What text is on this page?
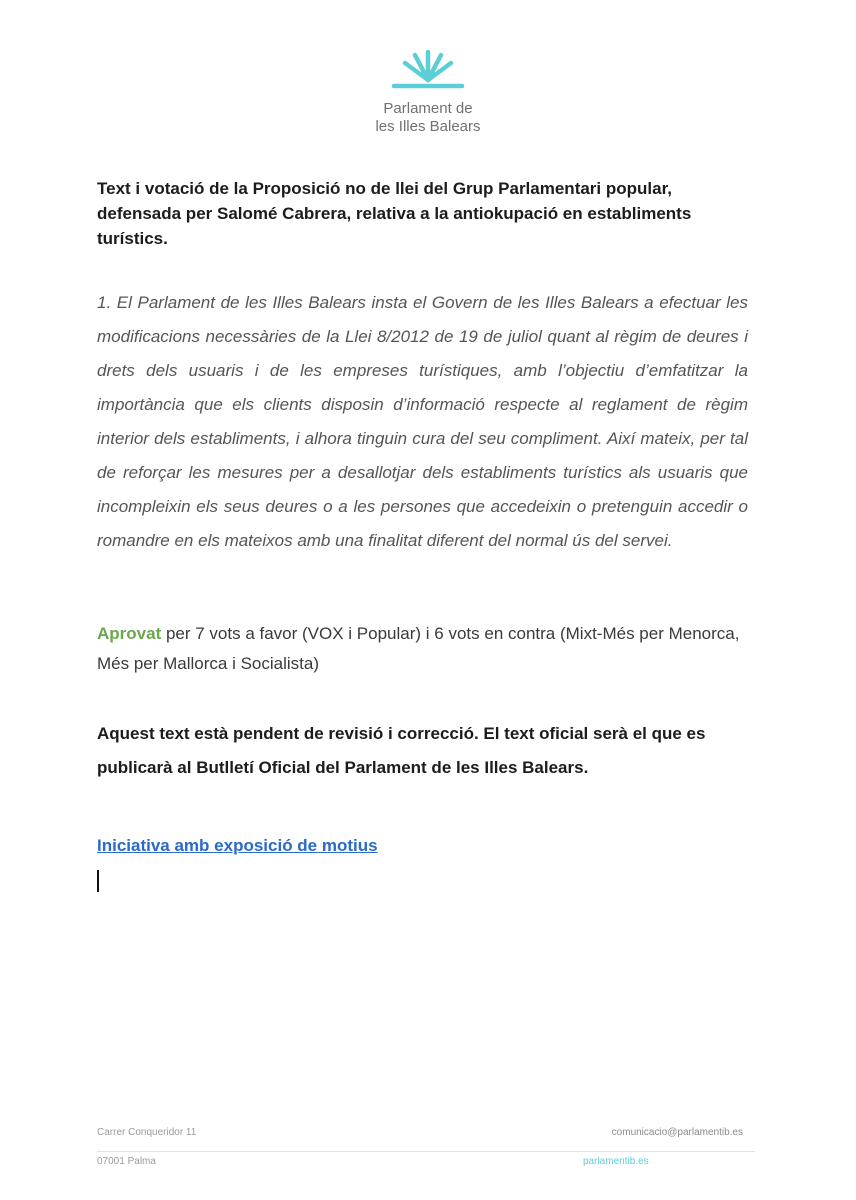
Parlament de
les Illes Balears
Text i votació de la Proposició no de llei del Grup Parlamentari popular, defensada per Salomé Cabrera, relativa a la antiokupació en establiments turístics.
1. El Parlament de les Illes Balears insta el Govern de les Illes Balears a efectuar les modificacions necessàries de la Llei 8/2012 de 19 de juliol quant al règim de deures i drets dels usuaris i de les empreses turístiques, amb l’objectiu d’emfatitzar la importància que els clients disposin d’informació respecte al reglament de règim interior dels establiments, i alhora tinguin cura del seu compliment. Així mateix, per tal de reforçar les mesures per a desallotjar dels establiments turístics als usuaris que incompleixin els seus deures o a les persones que accedeixin o pretenguin accedir o romandre en els mateixos amb una finalitat diferent del normal ús del servei.
Aprovat per 7 vots a favor (VOX i Popular) i 6 vots en contra (Mixt-Més per Menorca, Més per Mallorca i Socialista)
Aquest text està pendent de revisió i correcció. El text oficial serà el que es publicarà al Butlletí Oficial del Parlament de les Illes Balears.
Iniciativa amb exposició de motius
Carrer Conqueridor 11	comunicacio@parlamentib.es
07001 Palma	parlamentib.es
